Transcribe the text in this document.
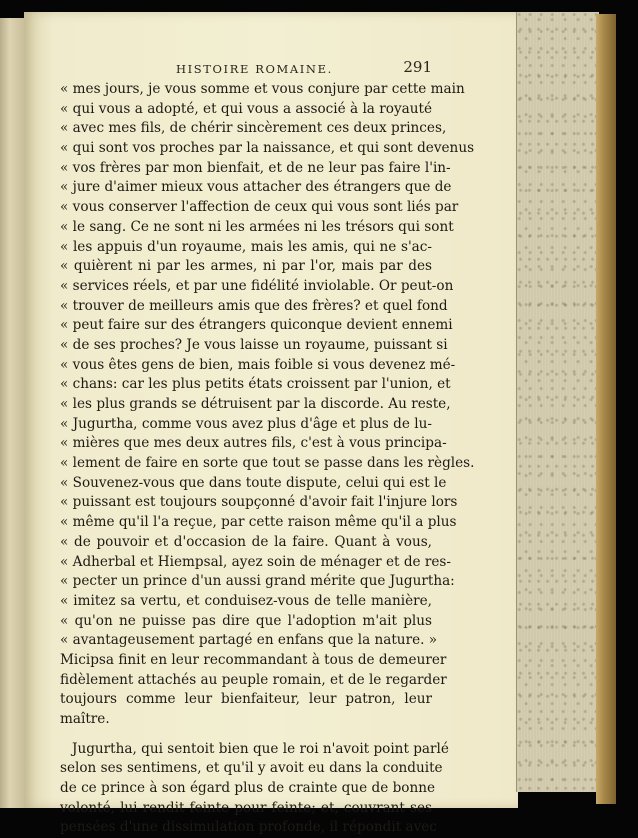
HISTOIRE ROMAINE.	291
« mes jours, je vous somme et vous conjure par cette main
« qui vous a adopté, et qui vous a associé à la royauté
« avec mes fils, de chérir sincèrement ces deux princes,
« qui sont vos proches par la naissance, et qui sont devenus
« vos frères par mon bienfait, et de ne leur pas faire l'in-
« jure d'aimer mieux vous attacher des étrangers que de
« vous conserver l'affection de ceux qui vous sont liés par
« le sang. Ce ne sont ni les armées ni les trésors qui sont
« les appuis d'un royaume, mais les amis, qui ne s'ac-
« quièrent ni par les armes, ni par l'or, mais par des
« services réels, et par une fidélité inviolable. Or peut-on
« trouver de meilleurs amis que des frères? et quel fond
« peut faire sur des étrangers quiconque devient ennemi
« de ses proches? Je vous laisse un royaume, puissant si
« vous êtes gens de bien, mais foible si vous devenez mé-
« chans: car les plus petits états croissent par l'union, et
« les plus grands se détruisent par la discorde. Au reste,
« Jugurtha, comme vous avez plus d'âge et plus de lu-
« mières que mes deux autres fils, c'est à vous principa-
« lement de faire en sorte que tout se passe dans les règles.
« Souvenez-vous que dans toute dispute, celui qui est le
« puissant est toujours soupçonné d'avoir fait l'injure lors
« même qu'il l'a reçue, par cette raison même qu'il a plus
« de pouvoir et d'occasion de la faire. Quant à vous,
« Adherbal et Hiempsal, ayez soin de ménager et de res-
« pecter un prince d'un aussi grand mérite que Jugurtha:
« imitez sa vertu, et conduisez-vous de telle manière,
« qu'on ne puisse pas dire que l'adoption m'ait plus
« avantageusement partagé en enfans que la nature. »
Micipsa finit en leur recommandant à tous de demeurer
fidèlement attachés au peuple romain, et de le regarder
toujours comme leur bienfaiteur, leur patron, leur
maître.
Jugurtha, qui sentoit bien que le roi n'avoit point parlé
selon ses sentimens, et qu'il y avoit eu dans la conduite
de ce prince à son égard plus de crainte que de bonne
volonté, lui rendit feinte pour feinte; et, couvrant ses
pensées d'une dissimulation profonde, il répondit avec
